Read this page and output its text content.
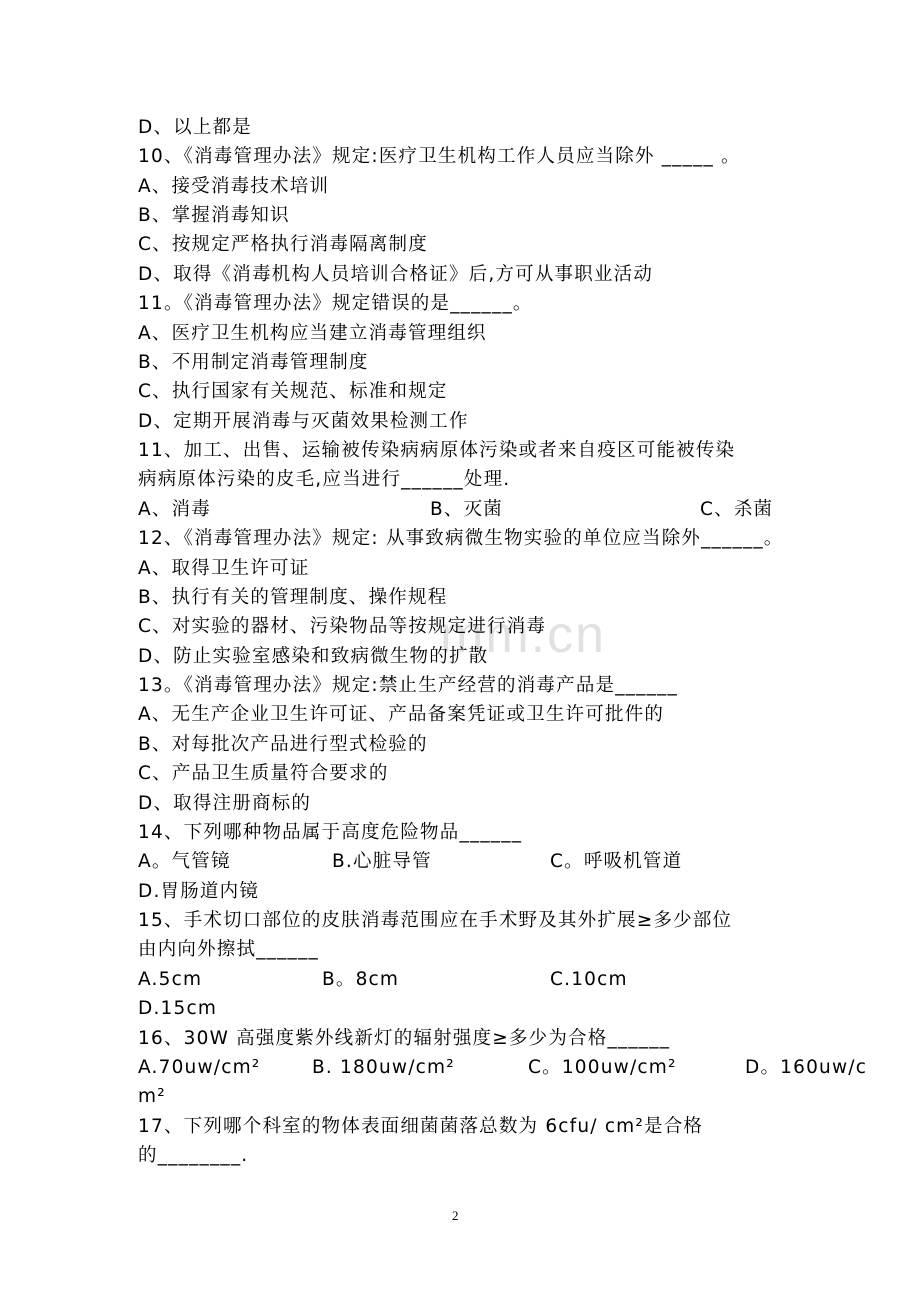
mm.cn
D、以上都是
10、《消毒管理办法》规定:医疗卫生机构工作人员应当除外 _____ 。
A、接受消毒技术培训
B、掌握消毒知识
C、按规定严格执行消毒隔离制度
D、取得《消毒机构人员培训合格证》后,方可从事职业活动
11。《消毒管理办法》规定错误的是______。
A、医疗卫生机构应当建立消毒管理组织
B、不用制定消毒管理制度
C、执行国家有关规范、标准和规定
D、定期开展消毒与灭菌效果检测工作
11、加工、出售、运输被传染病病原体污染或者来自疫区可能被传染
病病原体污染的皮毛,应当进行______处理.
A、消毒	B、灭菌	C、杀菌
12、《消毒管理办法》规定: 从事致病微生物实验的单位应当除外______。
A、取得卫生许可证
B、执行有关的管理制度、操作规程
C、对实验的器材、污染物品等按规定进行消毒
D、防止实验室感染和致病微生物的扩散
13。《消毒管理办法》规定:禁止生产经营的消毒产品是______
A、无生产企业卫生许可证、产品备案凭证或卫生许可批件的
B、对每批次产品进行型式检验的
C、产品卫生质量符合要求的
D、取得注册商标的
14、下列哪种物品属于高度危险物品______
A。气管镜	B.心脏导管	C。呼吸机管道
D.胃肠道内镜
15、手术切口部位的皮肤消毒范围应在手术野及其外扩展≥多少部位
由内向外擦拭______
A.5cm	B。8cm	C.10cm
D.15cm
16、30W 高强度紫外线新灯的辐射强度≥多少为合格______
A.70uw/cm²	B. 180uw/cm²	C。100uw/cm²	D。160uw/c
m²
17、下列哪个科室的物体表面细菌菌落总数为 6cfu/ cm²是合格
的________.
2
